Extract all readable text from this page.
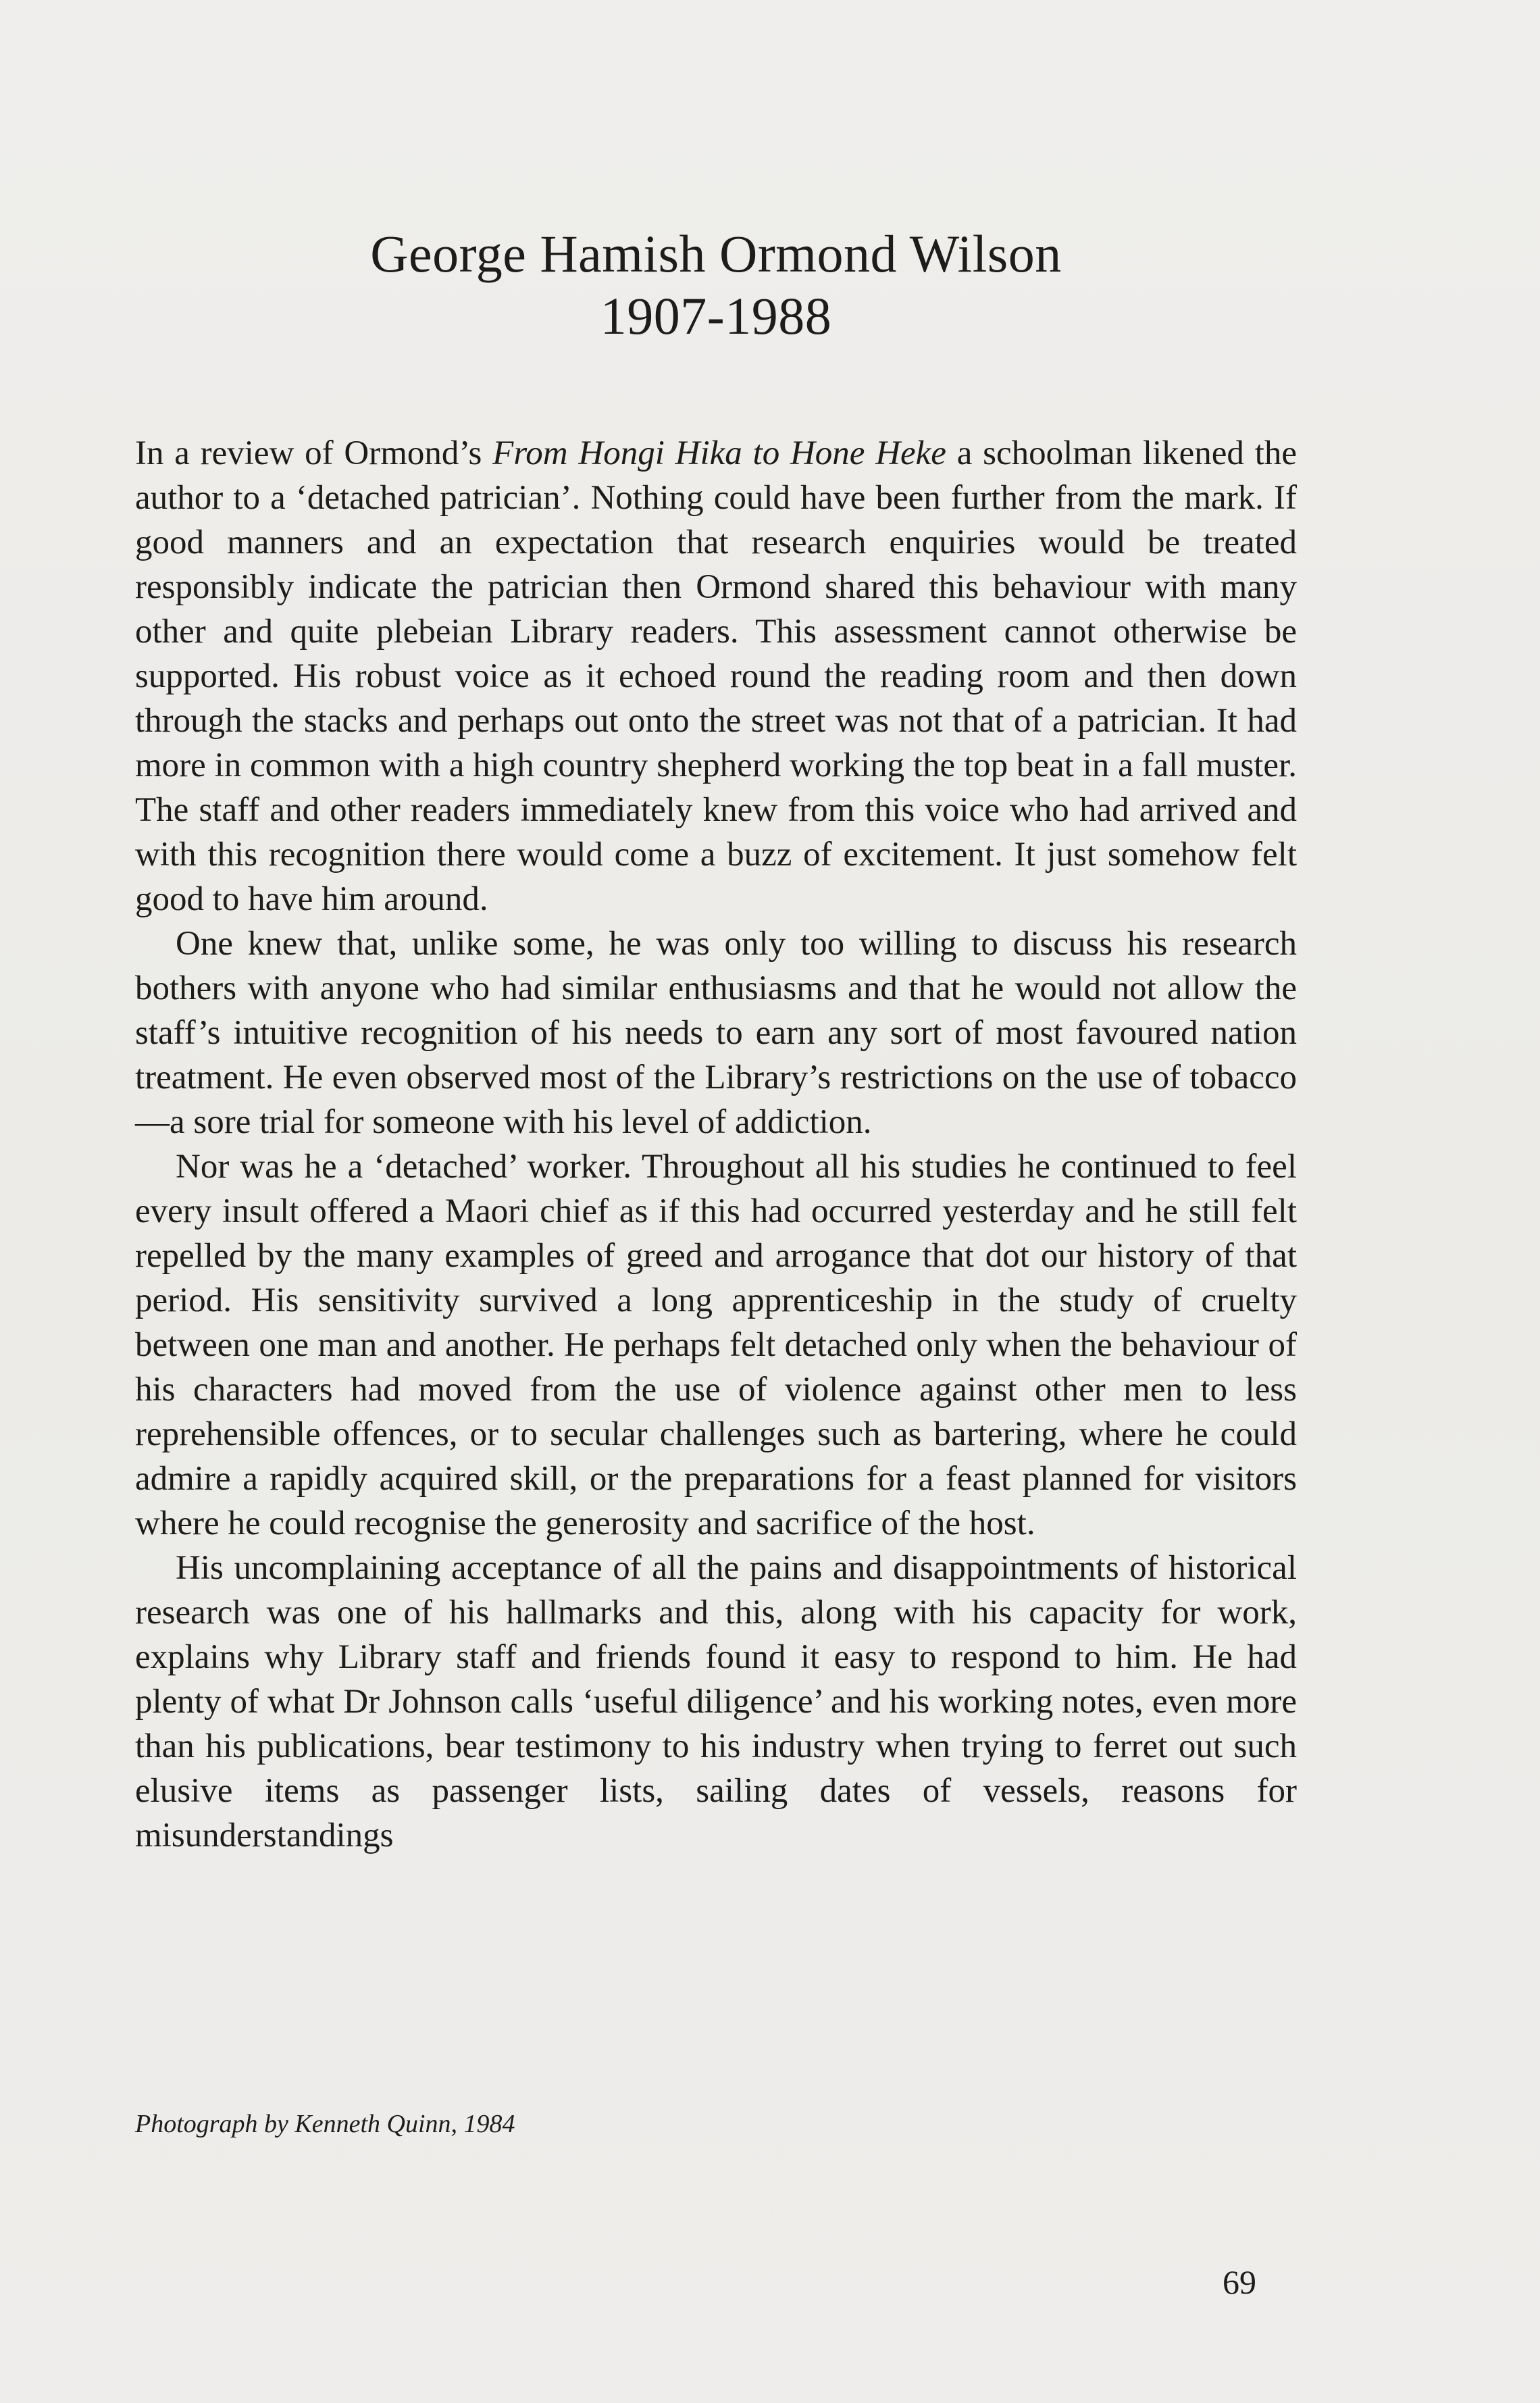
George Hamish Ormond Wilson
1907-1988

In a review of Ormond’s From Hongi Hika to Hone Heke a schoolman likened the author to a ‘detached patrician’. Nothing could have been further from the mark. If good manners and an expectation that research enquiries would be treated responsibly indicate the patrician then Ormond shared this behaviour with many other and quite plebeian Library readers. This assessment cannot otherwise be supported. His robust voice as it echoed round the reading room and then down through the stacks and perhaps out onto the street was not that of a patrician. It had more in common with a high country shepherd working the top beat in a fall muster. The staff and other readers immediately knew from this voice who had arrived and with this recognition there would come a buzz of excitement. It just somehow felt good to have him around.

One knew that, unlike some, he was only too willing to discuss his research bothers with anyone who had similar enthusiasms and that he would not allow the staff’s intuitive recognition of his needs to earn any sort of most favoured nation treatment. He even observed most of the Library’s restrictions on the use of tobacco—a sore trial for someone with his level of addiction.

Nor was he a ‘detached’ worker. Throughout all his studies he continued to feel every insult offered a Maori chief as if this had occurred yesterday and he still felt repelled by the many examples of greed and arrogance that dot our history of that period. His sensitivity survived a long apprenticeship in the study of cruelty between one man and another. He perhaps felt detached only when the behaviour of his characters had moved from the use of violence against other men to less reprehensible offences, or to secular challenges such as bartering, where he could admire a rapidly acquired skill, or the preparations for a feast planned for visitors where he could recognise the generosity and sacrifice of the host.

His uncomplaining acceptance of all the pains and disappointments of historical research was one of his hallmarks and this, along with his capacity for work, explains why Library staff and friends found it easy to respond to him. He had plenty of what Dr Johnson calls ‘useful diligence’ and his working notes, even more than his publications, bear testimony to his industry when trying to ferret out such elusive items as passenger lists, sailing dates of vessels, reasons for misunderstandings

Photograph by Kenneth Quinn, 1984
69
